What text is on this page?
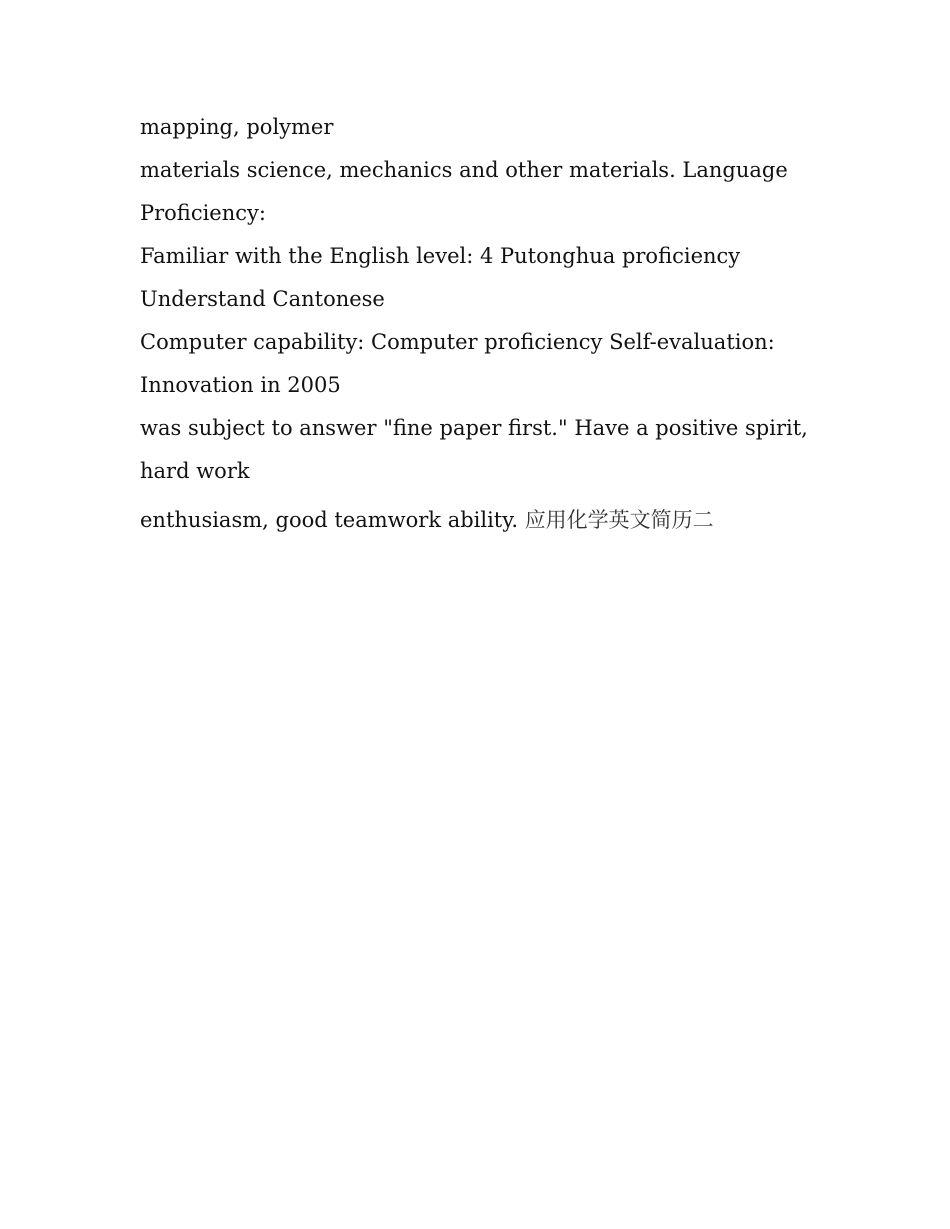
mapping, polymer
materials science, mechanics and other materials. Language
Proficiency:
Familiar with the English level: 4 Putonghua proficiency
Understand Cantonese
Computer capability: Computer proficiency Self-evaluation:
Innovation in 2005
was subject to answer "fine paper first." Have a positive spirit,
hard work
enthusiasm, good teamwork ability. 应用化学英文简历二
